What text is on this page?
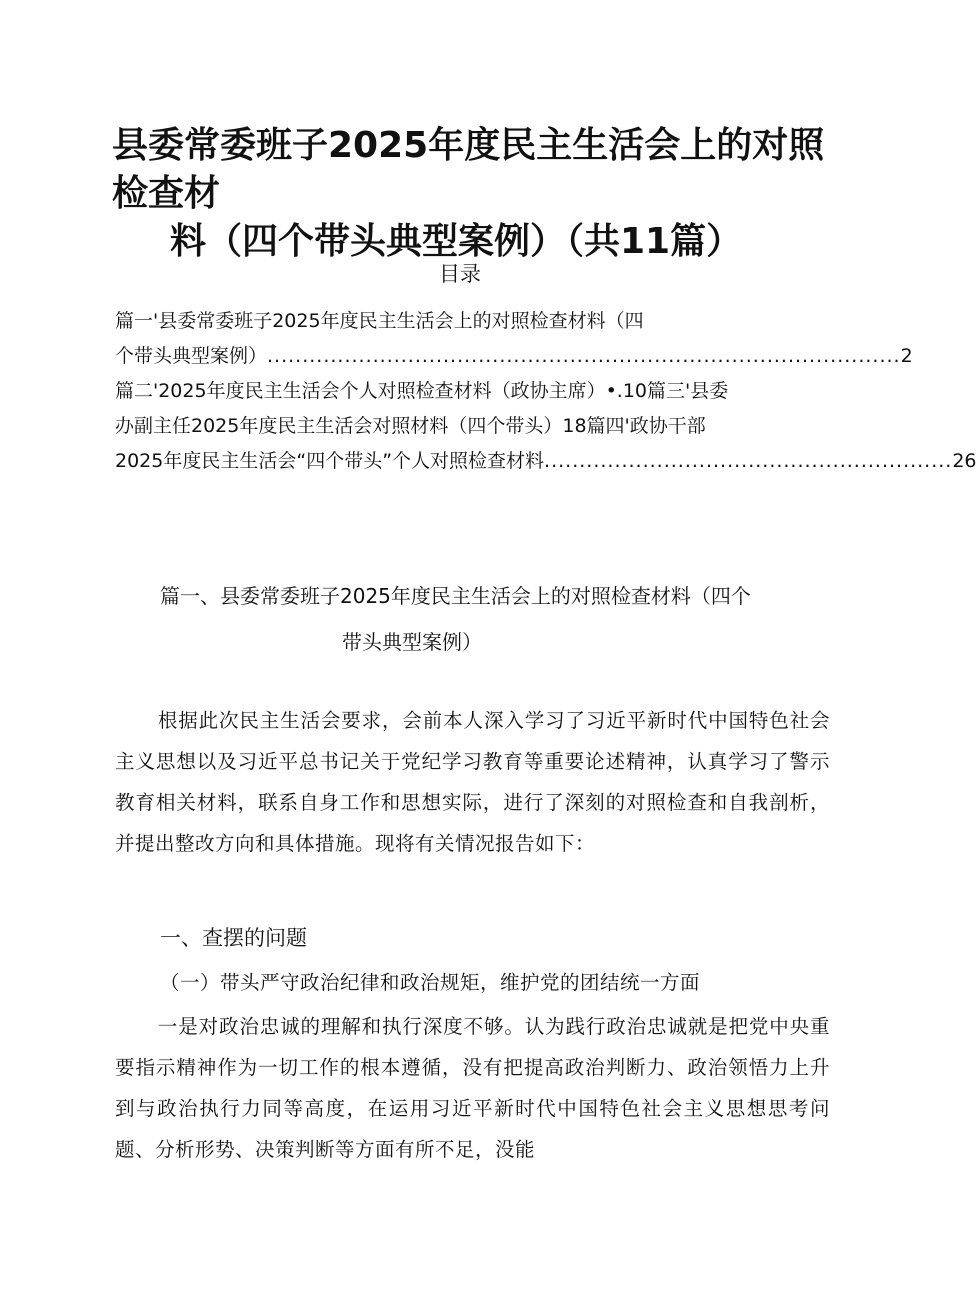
县委常委班子2025年度民主生活会上的对照检查材
料（四个带头典型案例）（共11篇）
目录
篇一'县委常委班子2025年度民主生活会上的对照检查材料（四
个带头典型案例） .......................................................................................... 2
篇二'2025年度民主生活会个人对照检查材料（政协主席）•.10篇三'县委
办副主任2025年度民主生活会对照材料（四个带头）18篇四'政协干部
2025年度民主生活会“四个带头”个人对照检查材料 .......................................................... 26
篇一、县委常委班子2025年度民主生活会上的对照检查材料（四个
带头典型案例）

根据此次民主生活会要求，会前本人深入学习了习近平新时代中国特色社会主义思想以及习近平总书记关于党纪学习教育等重要论述精神，认真学习了警示教育相关材料，联系自身工作和思想实际，进行了深刻的对照检查和自我剖析，并提出整改方向和具体措施。现将有关情况报告如下：

一、查摆的问题

（一）带头严守政治纪律和政治规矩，维护党的团结统一方面

一是对政治忠诚的理解和执行深度不够。认为践行政治忠诚就是把党中央重要指示精神作为一切工作的根本遵循，没有把提高政治判断力、政治领悟力上升到与政治执行力同等高度，在运用习近平新时代中国特色社会主义思想思考问题、分析形势、决策判断等方面有所不足，没能
